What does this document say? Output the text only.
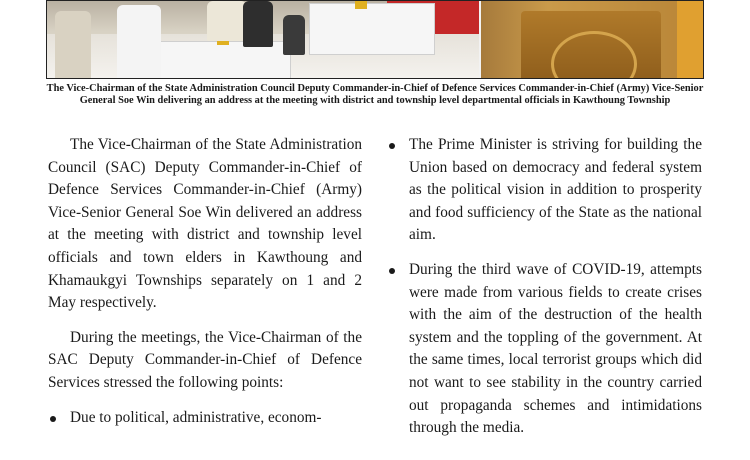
The Vice-Chairman of the State Administration Council Deputy Commander-in-Chief of Defence Services Commander-in-Chief (Army) Vice-Senior General Soe Win delivering an address at the meeting with district and township level departmental officials in Kawthoung Township

The Vice-Chairman of the State Administration Council (SAC) Deputy Commander-in-Chief of Defence Services Commander-in-Chief (Army) Vice-Senior General Soe Win delivered an address at the meeting with district and township level officials and town elders in Kawthoung and Khamaukgyi Townships separately on 1 and 2 May respectively.

During the meetings, the Vice-Chairman of the SAC Deputy Commander-in-Chief of Defence Services stressed the following points:

Due to political, administrative, econom-
The Prime Minister is striving for building the Union based on democracy and federal system as the political vision in addition to prosperity and food sufficiency of the State as the national aim.
During the third wave of COVID-19, attempts were made from various fields to create crises with the aim of the destruction of the health system and the toppling of the government. At the same times, local terrorist groups which did not want to see stability in the country carried out propaganda schemes and intimidations through the media.
